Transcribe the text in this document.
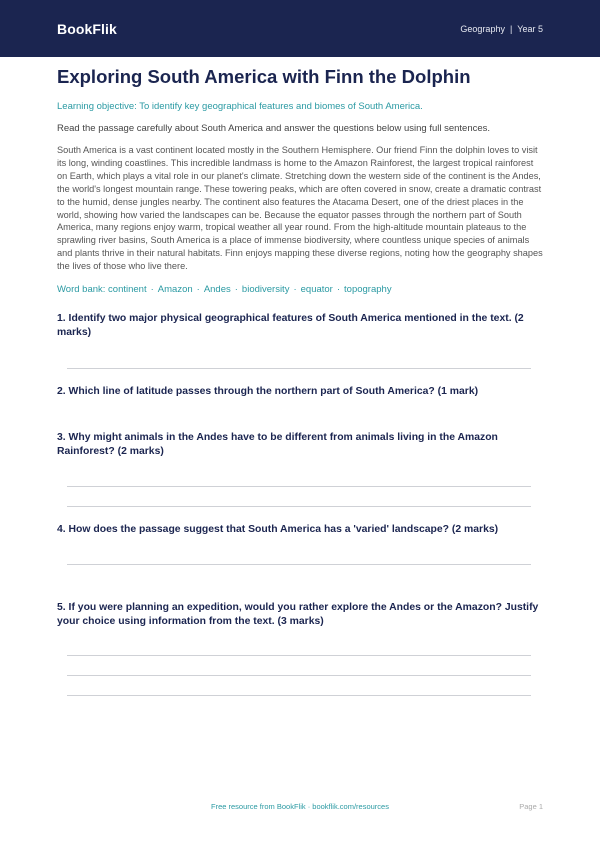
BookFlik	Geography | Year 5
Exploring South America with Finn the Dolphin
Learning objective: To identify key geographical features and biomes of South America.
Read the passage carefully about South America and answer the questions below using full sentences.
South America is a vast continent located mostly in the Southern Hemisphere. Our friend Finn the dolphin loves to visit its long, winding coastlines. This incredible landmass is home to the Amazon Rainforest, the largest tropical rainforest on Earth, which plays a vital role in our planet's climate. Stretching down the western side of the continent is the Andes, the world's longest mountain range. These towering peaks, which are often covered in snow, create a dramatic contrast to the humid, dense jungles nearby. The continent also features the Atacama Desert, one of the driest places in the world, showing how varied the landscapes can be. Because the equator passes through the northern part of South America, many regions enjoy warm, tropical weather all year round. From the high-altitude mountain plateaus to the sprawling river basins, South America is a place of immense biodiversity, where countless unique species of animals and plants thrive in their natural habitats. Finn enjoys mapping these diverse regions, noting how the geography shapes the lives of those who live there.
Word bank: continent · Amazon · Andes · biodiversity · equator · topography
1. Identify two major physical geographical features of South America mentioned in the text. (2 marks)
2. Which line of latitude passes through the northern part of South America? (1 mark)
3. Why might animals in the Andes have to be different from animals living in the Amazon Rainforest? (2 marks)
4. How does the passage suggest that South America has a 'varied' landscape? (2 marks)
5. If you were planning an expedition, would you rather explore the Andes or the Amazon? Justify your choice using information from the text. (3 marks)
Free resource from BookFlik · bookflik.com/resources	Page 1
